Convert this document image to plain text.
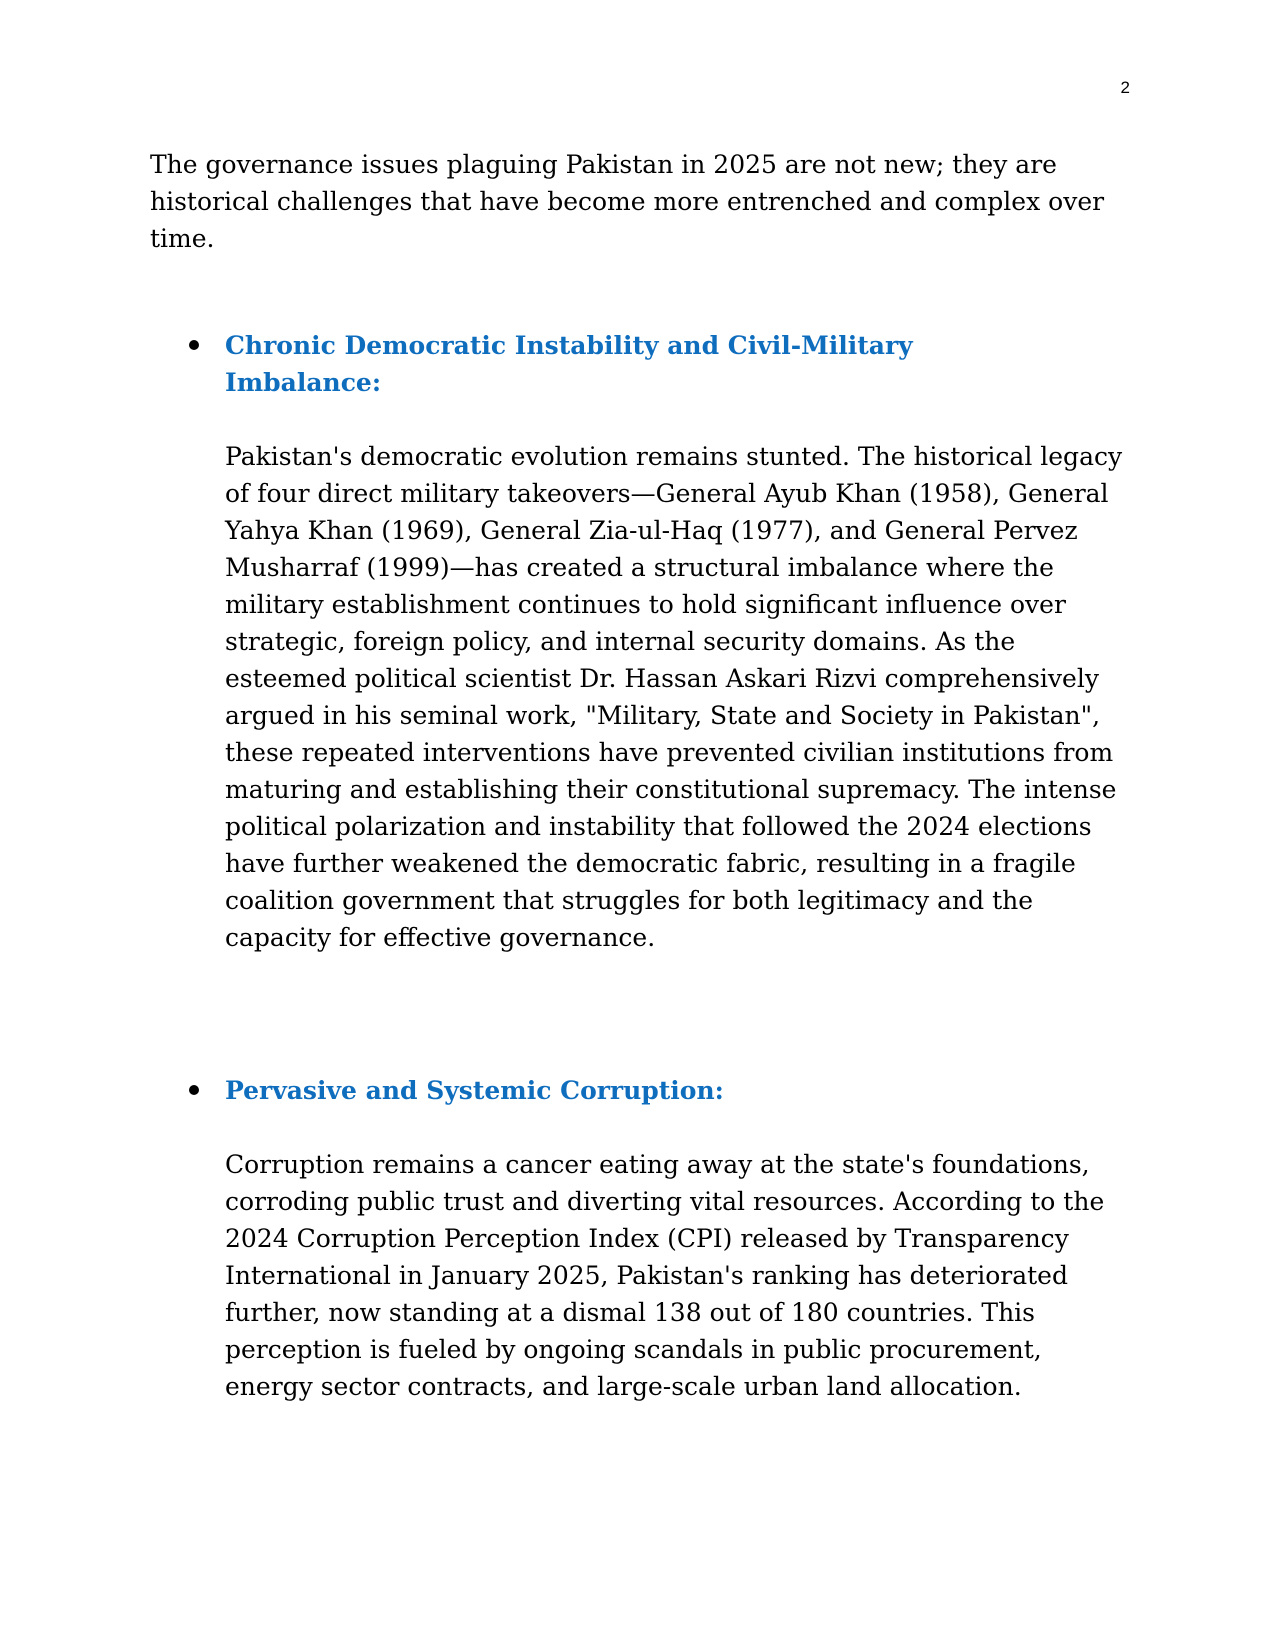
2

The governance issues plaguing Pakistan in 2025 are not new; they are historical challenges that have become more entrenched and complex over time.

Chronic Democratic Instability and Civil-Military Imbalance:

Pakistan's democratic evolution remains stunted. The historical legacy of four direct military takeovers—General Ayub Khan (1958), General Yahya Khan (1969), General Zia-ul-Haq (1977), and General Pervez Musharraf (1999)—has created a structural imbalance where the military establishment continues to hold significant influence over strategic, foreign policy, and internal security domains. As the esteemed political scientist Dr. Hassan Askari Rizvi comprehensively argued in his seminal work, "Military, State and Society in Pakistan", these repeated interventions have prevented civilian institutions from maturing and establishing their constitutional supremacy. The intense political polarization and instability that followed the 2024 elections have further weakened the democratic fabric, resulting in a fragile coalition government that struggles for both legitimacy and the capacity for effective governance.

Pervasive and Systemic Corruption:

Corruption remains a cancer eating away at the state's foundations, corroding public trust and diverting vital resources. According to the 2024 Corruption Perception Index (CPI) released by Transparency International in January 2025, Pakistan's ranking has deteriorated further, now standing at a dismal 138 out of 180 countries. This perception is fueled by ongoing scandals in public procurement, energy sector contracts, and large-scale urban land allocation.
